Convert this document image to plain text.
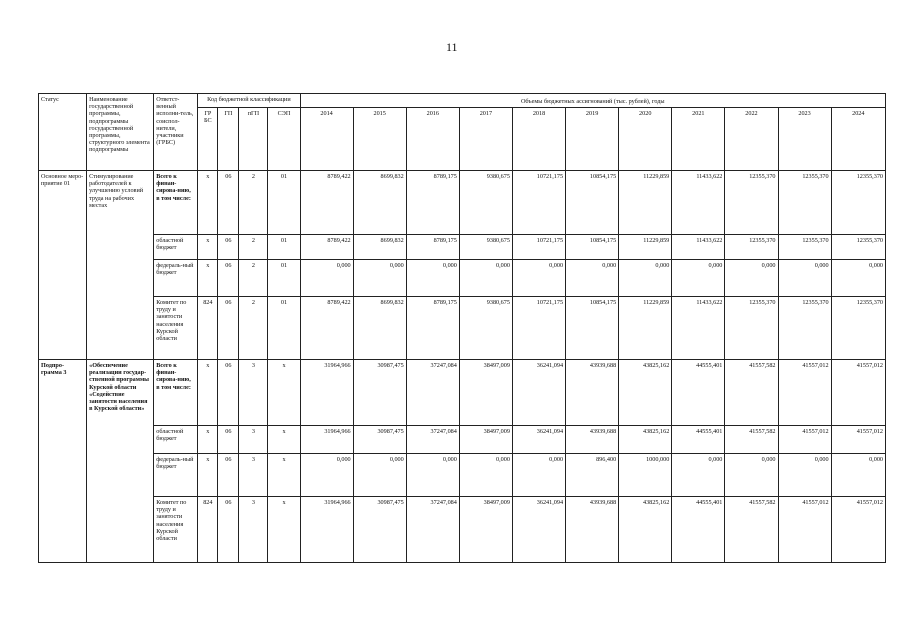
11
Статус	Наименование государственной программы, подпрограммы государственной программы, структурного элемента подпрограммы	Ответст-венный исполни-тель, соиспол-нители, участники (ГРБС)	Код бюджетной классификации				Объемы бюджетных ассигнований (тыс. рублей), годы										
			ГР БС	ГП	пГП	СЭП	2014	2015	2016	2017	2018	2019	2020	2021	2022	2023	2024
Основное меро-приятие 01	Стимулирование работодателей к улучшению условий труда на рабочих местах	Всего к финан-сирова-нию, в том числе:	х	06	2	01	8789,422	8699,832	8789,175	9380,675	10721,175	10854,175	11229,859	11433,622	12355,370	12355,370	12355,370
		областной бюджет	х	06	2	01	8789,422	8699,832	8789,175	9380,675	10721,175	10854,175	11229,859	11433,622	12355,370	12355,370	12355,370
		федераль-ный бюджет	х	06	2	01	0,000	0,000	0,000	0,000	0,000	0,000	0,000	0,000	0,000	0,000	0,000
		Комитет по труду и занятости населения Курской области	824	06	2	01	8789,422	8699,832	8789,175	9380,675	10721,175	10854,175	11229,859	11433,622	12355,370	12355,370	12355,370
Подпро-грамма 3	«Обеспечение реализации государ-ственной программы Курской области «Содействие занятости населения в Курской области»	Всего к финан-сирова-нию, в том числе:	х	06	3	х	31964,966	30987,475	37247,084	38497,009	36241,094	43939,688	43825,162	44555,401	41557,582	41557,012	41557,012
		областной бюджет	х	06	3	х	31964,966	30987,475	37247,084	38497,009	36241,094	43939,688	43825,162	44555,401	41557,582	41557,012	41557,012
		федераль-ный бюджет	х	06	3	х	0,000	0,000	0,000	0,000	0,000	896,400	1000,000	0,000	0,000	0,000	0,000
		Комитет по труду и занятости населения Курской области	824	06	3	х	31964,966	30987,475	37247,084	38497,009	36241,094	43939,688	43825,162	44555,401	41557,582	41557,012	41557,012
